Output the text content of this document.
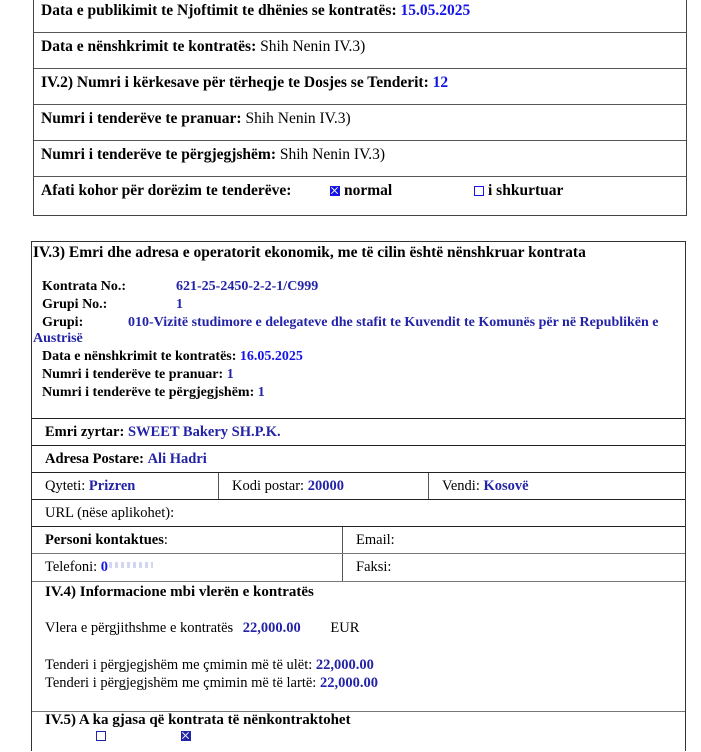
Data e publikimit te Njoftimit te dhënies se kontratës: 15.05.2025
Data e nënshkrimit te kontratës: Shih Nenin IV.3)
IV.2) Numri i kërkesave për tërheqje te Dosjes se Tenderit: 12
Numri i tenderëve te pranuar: Shih Nenin IV.3)
Numri i tenderëve te përgjegjshëm: Shih Nenin IV.3)
Afati kohor për dorëzim te tenderëve:	normal	i shkurtuar
IV.3) Emri dhe adresa e operatorit ekonomik, me të cilin është nënshkruar kontrata
Kontrata No.:	621-25-2450-2-2-1/C999
Grupi No.:	1
Grupi:	010-Vizitë studimore e delegateve dhe stafit te Kuvendit te Komunës për në Republikën e
Austrisë
Data e nënshkrimit te kontratës: 16.05.2025
Numri i tenderëve te pranuar: 1
Numri i tenderëve te përgjegjshëm: 1
Emri zyrtar: SWEET Bakery SH.P.K.
Adresa Postare: Ali Hadri
Qyteti: Prizren	Kodi postar: 20000	Vendi: Kosovë
URL (nëse aplikohet):
Personi kontaktues:	Email:
Telefoni: 0	Faksi:
IV.4) Informacione mbi vlerën e kontratës
Vlera e përgjithshme e kontratës 22,000.00 EUR
Tenderi i përgjegjshëm me çmimin më të ulët: 22,000.00
Tenderi i përgjegjshëm me çmimin më të lartë: 22,000.00
IV.5) A ka gjasa që kontrata të nënkontraktohet
